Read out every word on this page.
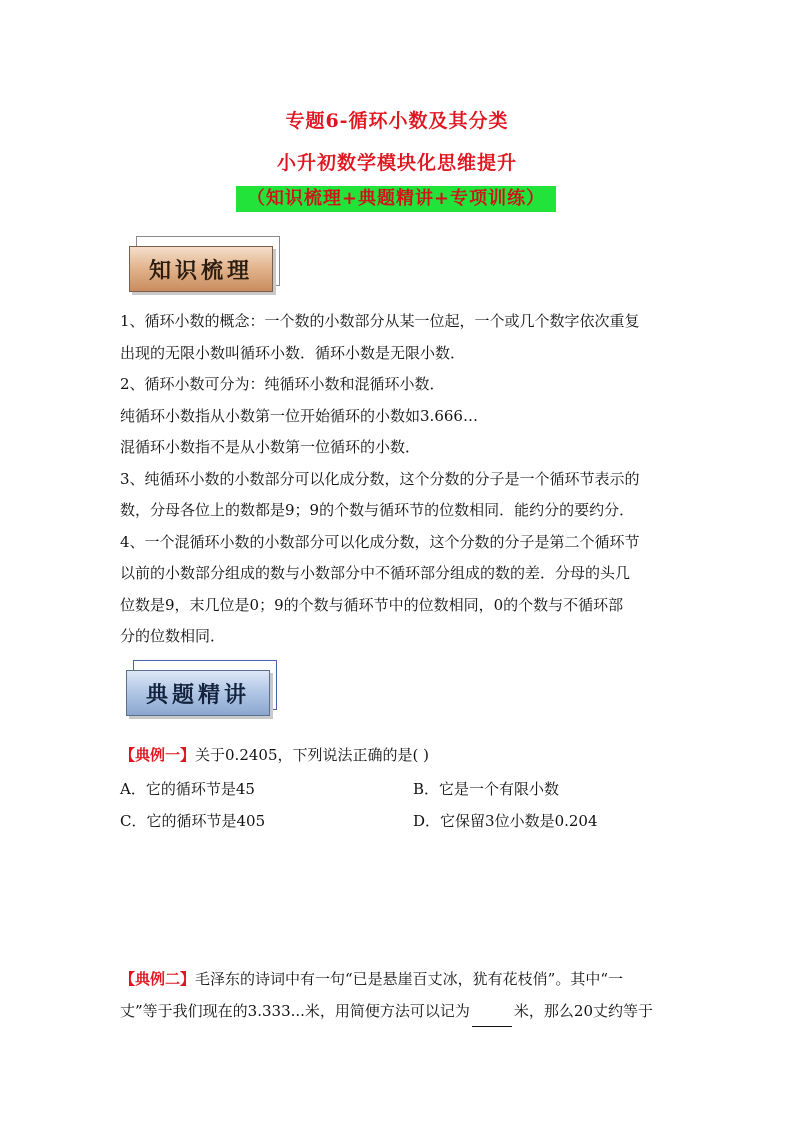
专题6-循环小数及其分类
小升初数学模块化思维提升
（知识梳理+典题精讲+专项训练）
知识梳理
1、循环小数的概念：一个数的小数部分从某一位起，一个或几个数字依次重复
出现的无限小数叫循环小数．循环小数是无限小数．
2、循环小数可分为：纯循环小数和混循环小数．
纯循环小数指从小数第一位开始循环的小数如3.666…
混循环小数指不是从小数第一位循环的小数．
3、纯循环小数的小数部分可以化成分数，这个分数的分子是一个循环节表示的
数，分母各位上的数都是9；9的个数与循环节的位数相同．能约分的要约分．
4、一个混循环小数的小数部分可以化成分数，这个分数的分子是第二个循环节
以前的小数部分组成的数与小数部分中不循环部分组成的数的差．分母的头几
位数是9，末几位是0；9的个数与循环节中的位数相同，0的个数与不循环部
分的位数相同．
典题精讲
【典例一】关于0.2405，下列说法正确的是( )
A．它的循环节是45	B．它是一个有限小数
C．它的循环节是405	D．它保留3位小数是0.204
【典例二】毛泽东的诗词中有一句“已是悬崖百丈冰，犹有花枝俏”。其中“一
丈”等于我们现在的3.333...米，用简便方法可以记为	米，那么20丈约等于
